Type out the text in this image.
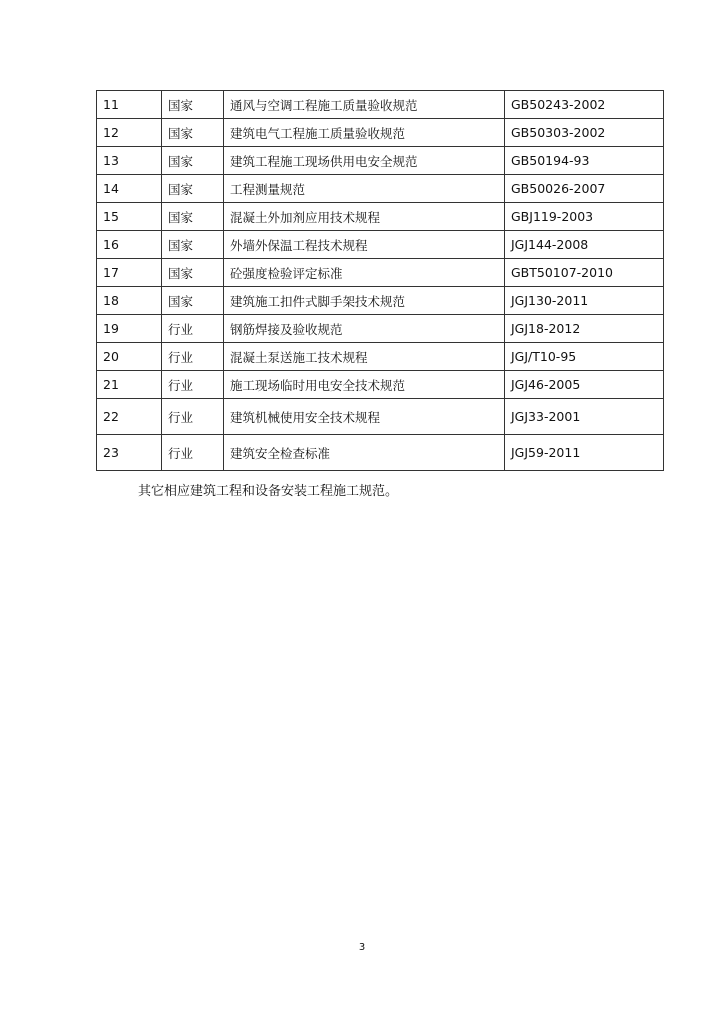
11	国家	通风与空调工程施工质量验收规范	GB50243-2002
12	国家	建筑电气工程施工质量验收规范	GB50303-2002
13	国家	建筑工程施工现场供用电安全规范	GB50194-93
14	国家	工程测量规范	GB50026-2007
15	国家	混凝土外加剂应用技术规程	GBJ119-2003
16	国家	外墙外保温工程技术规程	JGJ144-2008
17	国家	砼强度检验评定标准	GBT50107-2010
18	国家	建筑施工扣件式脚手架技术规范	JGJ130-2011
19	行业	钢筋焊接及验收规范	JGJ18-2012
20	行业	混凝土泵送施工技术规程	JGJ/T10-95
21	行业	施工现场临时用电安全技术规范	JGJ46-2005
22	行业	建筑机械使用安全技术规程	JGJ33-2001
23	行业	建筑安全检查标准	JGJ59-2011
其它相应建筑工程和设备安装工程施工规范。
3
